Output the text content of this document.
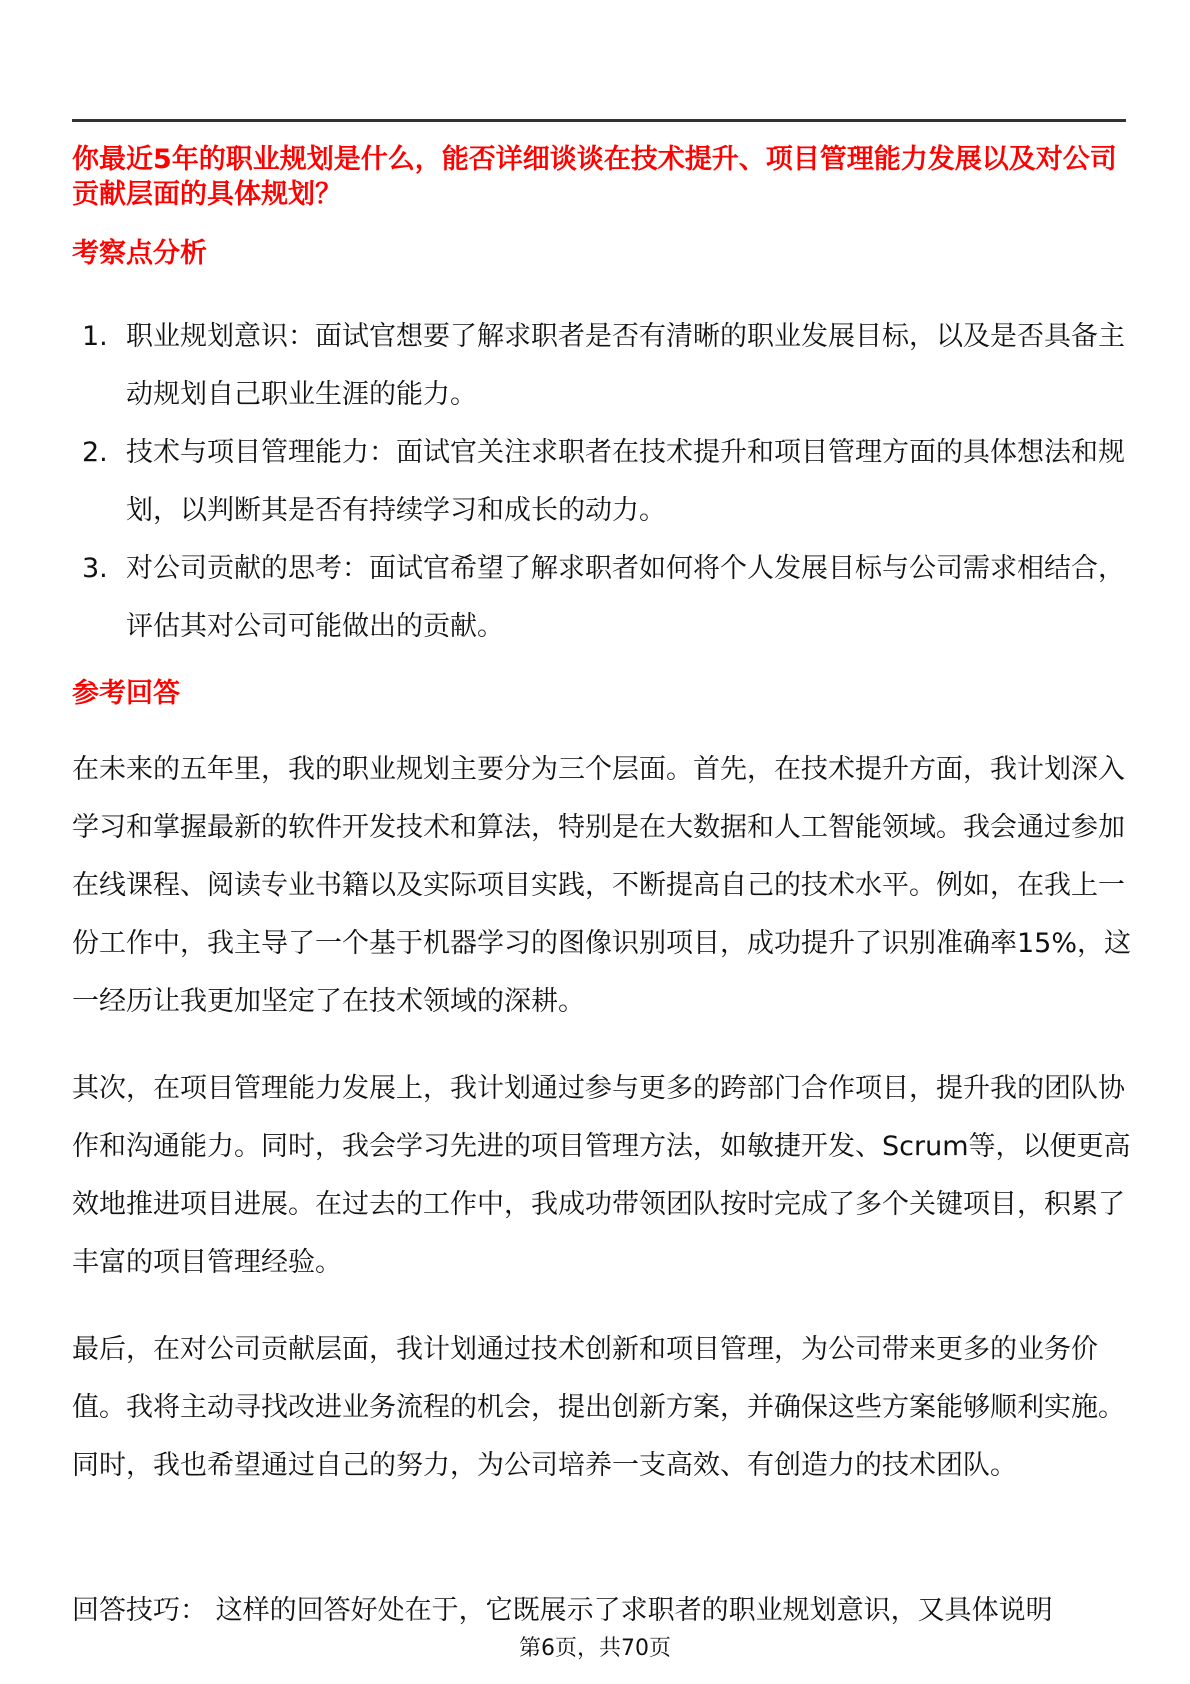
你最近5年的职业规划是什么，能否详细谈谈在技术提升、项目管理能力发展以及对公司贡献层面的具体规划？
考察点分析
1. 职业规划意识：面试官想要了解求职者是否有清晰的职业发展目标，以及是否具备主动规划自己职业生涯的能力。
2. 技术与项目管理能力：面试官关注求职者在技术提升和项目管理方面的具体想法和规划，以判断其是否有持续学习和成长的动力。
3. 对公司贡献的思考：面试官希望了解求职者如何将个人发展目标与公司需求相结合，评估其对公司可能做出的贡献。
参考回答

在未来的五年里，我的职业规划主要分为三个层面。首先，在技术提升方面，我计划深入学习和掌握最新的软件开发技术和算法，特别是在大数据和人工智能领域。我会通过参加在线课程、阅读专业书籍以及实际项目实践，不断提高自己的技术水平。例如，在我上一份工作中，我主导了一个基于机器学习的图像识别项目，成功提升了识别准确率15%，这一经历让我更加坚定了在技术领域的深耕。

其次，在项目管理能力发展上，我计划通过参与更多的跨部门合作项目，提升我的团队协作和沟通能力。同时，我会学习先进的项目管理方法，如敏捷开发、Scrum等，以便更高效地推进项目进展。在过去的工作中，我成功带领团队按时完成了多个关键项目，积累了丰富的项目管理经验。

最后，在对公司贡献层面，我计划通过技术创新和项目管理，为公司带来更多的业务价值。我将主动寻找改进业务流程的机会，提出创新方案，并确保这些方案能够顺利实施。同时，我也希望通过自己的努力，为公司培养一支高效、有创造力的技术团队。

回答技巧： 这样的回答好处在于，它既展示了求职者的职业规划意识，又具体说明

第6页，共70页
